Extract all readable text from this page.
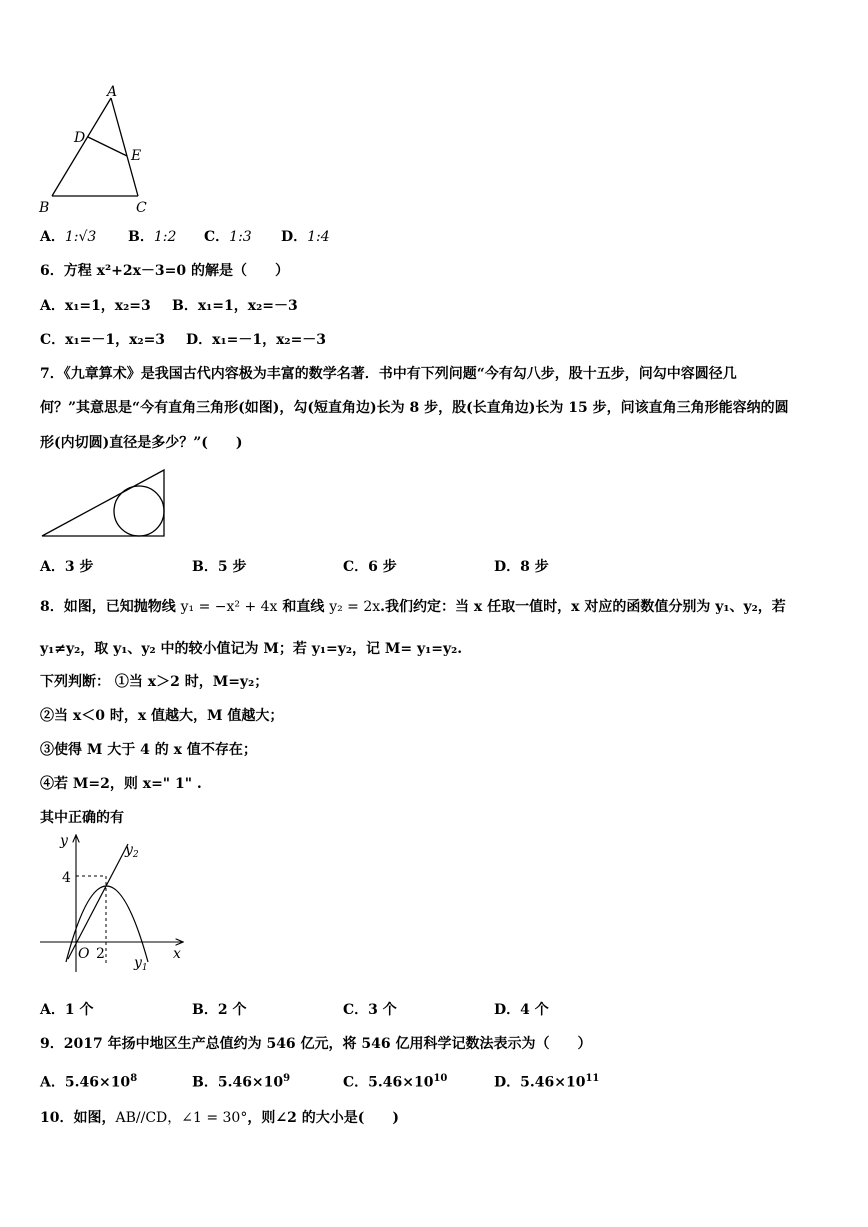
A
D
E
B	C
A．1:√3 B．1:2 C．1:3 D．1:4
6．方程 x²+2x－3=0 的解是（　　）
A．x₁=1，x₂=3 B．x₁=1，x₂=－3
C．x₁=－1，x₂=3 D．x₁=－1，x₂=－3
7．《九章算术》是我国古代内容极为丰富的数学名著．书中有下列问题“今有勾八步，股十五步，问勾中容圆径几
何？”其意思是“今有直角三角形(如图)，勾(短直角边)长为 8 步，股(长直角边)长为 15 步，问该直角三角形能容纳的圆
形(内切圆)直径是多少？”(　　)
A．3 步	B．5 步	C．6 步	D．8 步
8．如图，已知抛物线 y₁ = −x² + 4x 和直线 y₂ = 2x.我们约定：当 x 任取一值时，x 对应的函数值分别为 y₁、y₂，若
y₁≠y₂，取 y₁、y₂ 中的较小值记为 M；若 y₁=y₂，记 M= y₁=y₂.
下列判断： ①当 x＞2 时，M=y₂；
②当 x＜0 时，x 值越大，M 值越大；
③使得 M 大于 4 的 x 值不存在；
④若 M=2，则 x=" 1" .
其中正确的有
y
x
O 2
4
$y_2$
$y_1$
A．1 个	B．2 个	C．3 个	D．4 个
9．2017 年扬中地区生产总值约为 546 亿元，将 546 亿用科学记数法表示为（　　）
A．$5.46\times 10^8$	B．$5.46\times 10^9$	C．$5.46\times 10^{10}$	D．$5.46\times 10^{11}$
10．如图，AB//CD，∠1 = 30°，则∠2 的大小是(　　)
